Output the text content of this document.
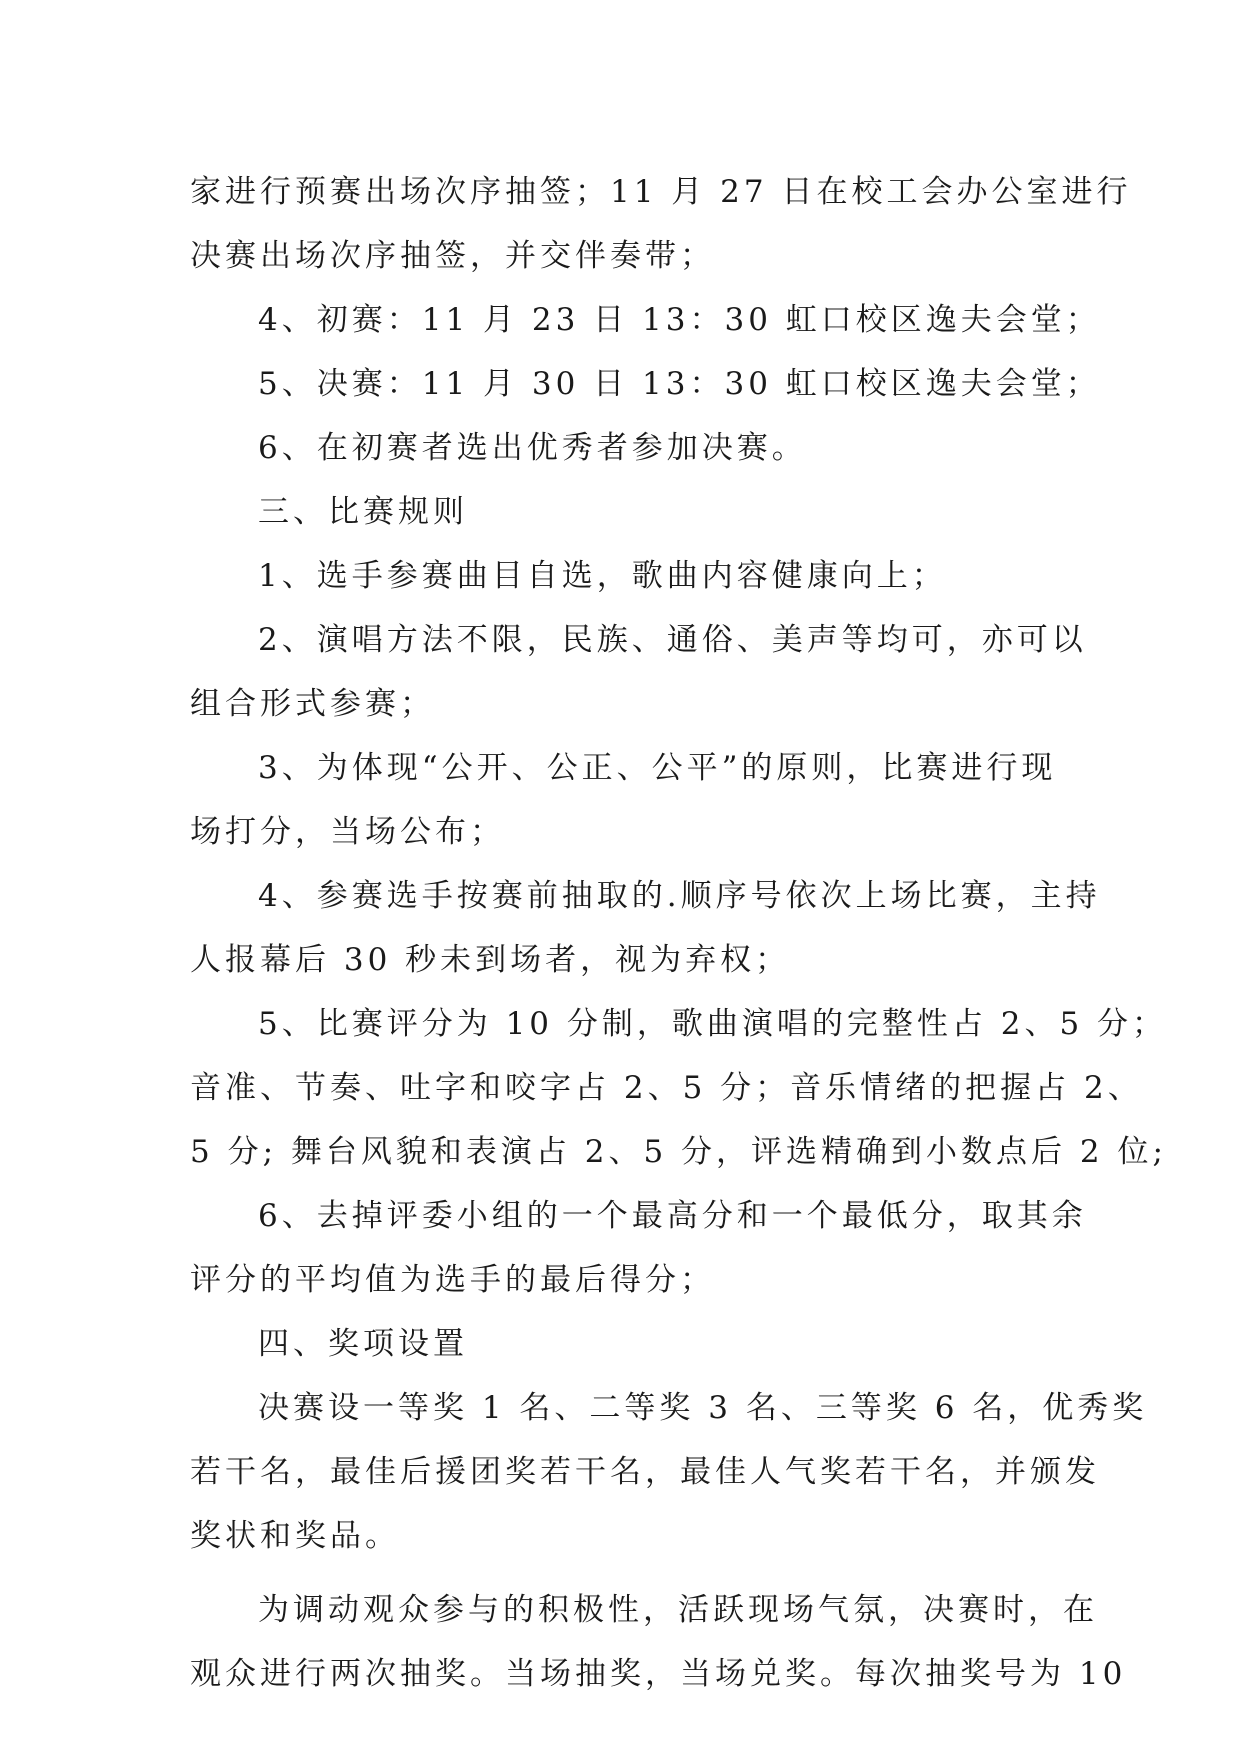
家进行预赛出场次序抽签；11 月 27 日在校工会办公室进行
决赛出场次序抽签，并交伴奏带；
4、初赛：11 月 23 日 13：30 虹口校区逸夫会堂；
5、决赛：11 月 30 日 13：30 虹口校区逸夫会堂；
6、在初赛者选出优秀者参加决赛。
三、比赛规则
1、选手参赛曲目自选，歌曲内容健康向上；
2、演唱方法不限，民族、通俗、美声等均可，亦可以
组合形式参赛；
3、为体现“公开、公正、公平”的原则，比赛进行现
场打分，当场公布；
4、参赛选手按赛前抽取的.顺序号依次上场比赛，主持
人报幕后 30 秒未到场者，视为弃权；
5、比赛评分为 10 分制，歌曲演唱的完整性占 2、5 分；
音准、节奏、吐字和咬字占 2、5 分；音乐情绪的把握占 2、
5 分; 舞台风貌和表演占 2、5 分，评选精确到小数点后 2 位;
6、去掉评委小组的一个最高分和一个最低分，取其余
评分的平均值为选手的最后得分；
四、奖项设置
决赛设一等奖 1 名、二等奖 3 名、三等奖 6 名，优秀奖
若干名，最佳后援团奖若干名，最佳人气奖若干名，并颁发
奖状和奖品。
为调动观众参与的积极性，活跃现场气氛，决赛时，在
观众进行两次抽奖。当场抽奖，当场兑奖。每次抽奖号为 10
